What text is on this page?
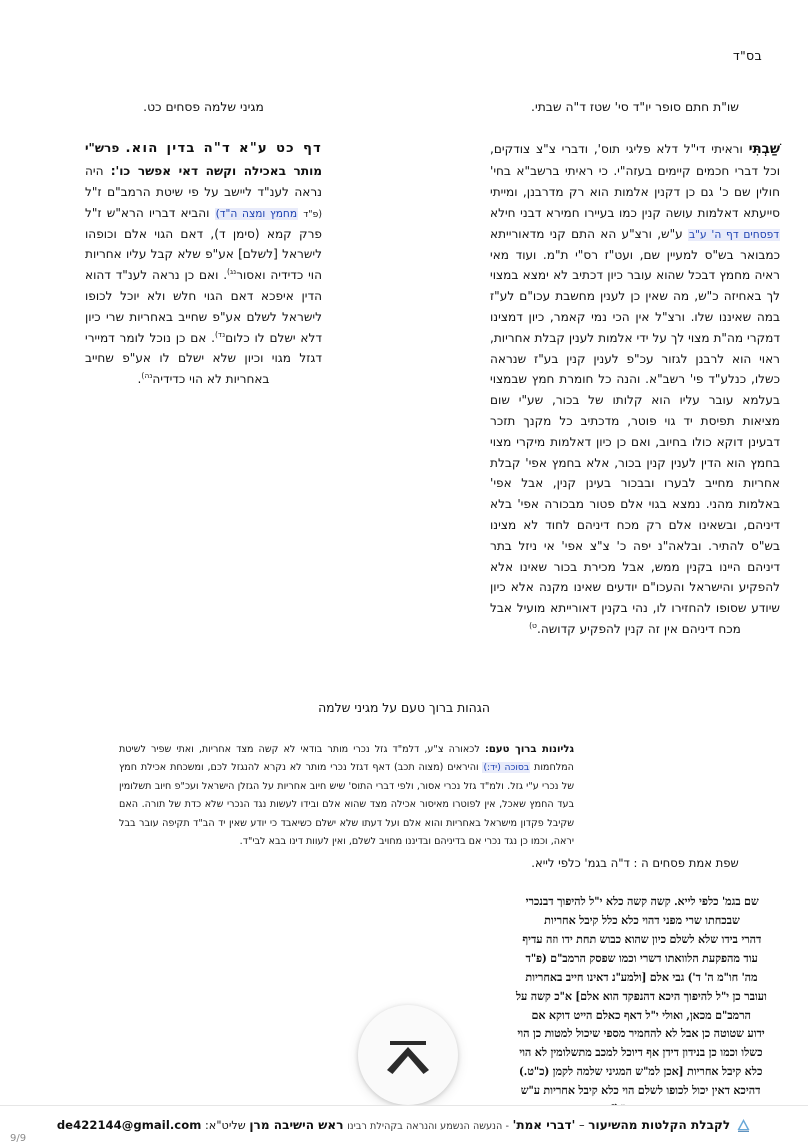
בס"ד
שו"ת חתם סופר יו"ד סי' שטז ד"ה שבתי.

שַׁבְתִּי וראיתי די"ל דלא פליגי תוס', ודברי צ"צ צודקים, וכל דברי חכמים קיימים בעזה"י. כי ראיתי ברשב"א בחי' חולין שם כ' גם כן דקנין אלמות הוא רק מדרבנן, ומייתי סייעתא דאלמות עושה קנין כמו בעיירו חמירא דבני חילא דפסחים דף ה' ע"ב ע"ש, ורצ"ע הא התם קני מדאורייתא כמבואר בש"ס למעיין שם, ועט"ז רס"י ת"מ. ועוד מאי ראיה מחמץ דבכל שהוא עובר כיון דכתיב לא ימצא במצוי לך באחיזה כ"ש, מה שאין כן לענין מחשבת עכו"ם לע"ז במה שאיננו שלו. ורצ"ל אין הכי נמי קאמר, כיון דמצינו דמקרי מה"ת מצוי לך על ידי אלמות לענין קבלת אחריות, ראוי הוא לרבנן לגזור עכ"פ לענין קנין בע"ז שנראה כשלו, כנלע"ד פי' רשב"א. והנה כל חומרת חמץ שבמצוי בעלמא עובר עליו הוא קלותו של בכור, שע"י שום מציאות תפיסת יד גוי פוטר, מדכתיב כל מקנך תזכר דבעינן דוקא כולו בחיוב, ואם כן כיון דאלמות מיקרי מצוי בחמץ הוא הדין לענין קנין בכור, אלא בחמץ אפי' קבלת אחריות מחייב לבערו ובבכור בעינן קנין, אבל אפי' באלמות מהני. נמצא בגוי אלם פטור מבכורה אפי' בלא דיניהם, ובשאינו אלם רק מכח דיניהם לחוד לא מצינו בש"ס להתיר. ובלאה"נ יפה כ' צ"צ אפי' אי ניזל בתר דיניהם היינו בקנין ממש, אבל מכירת בכור שאינו אלא להפקיע והישראל והעכו"ם יודעים שאינו מקנה אלא כיון שיודע שסופו להחזירו לו, נהי בקנין דאורייתא מועיל אבל מכח דיניהם אין זה קנין להפקיע קדושה.$^{ט)}$

מגיני שלמה פסחים כט.

דף כט ע"א ד"ה בדין הוא. פרש"י מותר באכילה וקשה דאי אפשר כו': היה נראה לענ"ד ליישב על פי שיטת הרמב"ם ז"ל (פ"ד מחמץ ומצה ה"ד) והביא דבריו הרא"ש ז"ל פרק קמא (סימן ד), דאם הגוי אלם וכופהו לישראל [לשלם] אע"פ שלא קבל עליו אחריות הוי כדידיה ואסור$^{נג)}$. ואם כן נראה לענ"ד דהוא הדין איפכא דאם הגוי חלש ולא יוכל לכופו לישראל לשלם אע"פ שחייב באחריות שרי כיון דלא ישלם לו כלום$^{נד)}$. אם כן נוכל לומר דמיירי דגזל מגוי וכיון שלא ישלם לו אע"פ שחייב באחריות לא הוי כדידיה$^{נה)}$.

הגהות ברוך טעם על מגיני שלמה
גליונות ברוך טעם: לכאורה צ"ע, דלמ"ד גזל נכרי מותר בודאי לא קשה מצד אחריות, ואתי שפיר לשיטת המלחמות בסוכה (יד:) והיראים (מצוה תכב) דאף דגזל נכרי מותר לא נקרא להנגזל לכם, ומשכחת אכילת חמץ של נכרי ע"י גזל. ולמ"ד גזל נכרי אסור, ולפי דברי התוס' שיש חיוב אחריות על הגזלן הישראל ועכ"פ חיוב תשלומין בעד החמץ שאכל, אין לפוטרו מאיסור אכילה מצד שהוא אלם ובידו לעשות נגד הנכרי שלא כדת של תורה. האם שקיבל פקדון מישראל באחריות והוא אלם ועל דעתו שלא ישלם כשיאבד כי יודע שאין יד הב"ד תקיפה עובר בבל יראה, וכמו כן נגד נכרי אם בדיניהם ובדיננו מחויב לשלם, ואין לעוות דינו בבא לבי"ד.
שפת אמת פסחים ה : ד"ה בגמ' כלפי לייא.
שם בגמ' כלפי לייא. קשה קשה כלא י"ל להיפוך דבנכרי
שבכחתו שרי מפני דהוי כלא כלל קיבל אחריות
דהרי בידו שלא לשלם כיון שהוא כבוש תחת ידו וזה עדיף
עוד מהפקעת הלוואתו דשרי וכמו שפסק הרמב"ם (פ"ד
מה' חו"מ ה' ד') גבי אלם [ולמע"נ דאינו חייב באחריות
ועובר כן י"ל להיפוך היכא דהנפקד הוא אלם] א"כ קשה על
הרמב"ם מכאן, ואולי י"ל דאף כאלם הייט דוקא אם
ידוע שטוטה כן אבל לא להחמיר מספי שיכול למטות כן הוי
כשלו וכמו כן בנידון דידן אף דיוכל למכב מתשלומין לא הוי
כלא קיבל אחריות [אכן למ"ש המגיני שלמה לקמן (כ"ט.)
דהיכא דאין יכול לכופו לשלם הוי כלא קיבל אחריות ע"ש
לקבלת הקלטות מהשיעור – 'דברי אמת' - הנעשה הנשמע והנראה בקהילת רבינו ראש הישיבה מרן שליט"א: de422144@gmail.com
9/9
